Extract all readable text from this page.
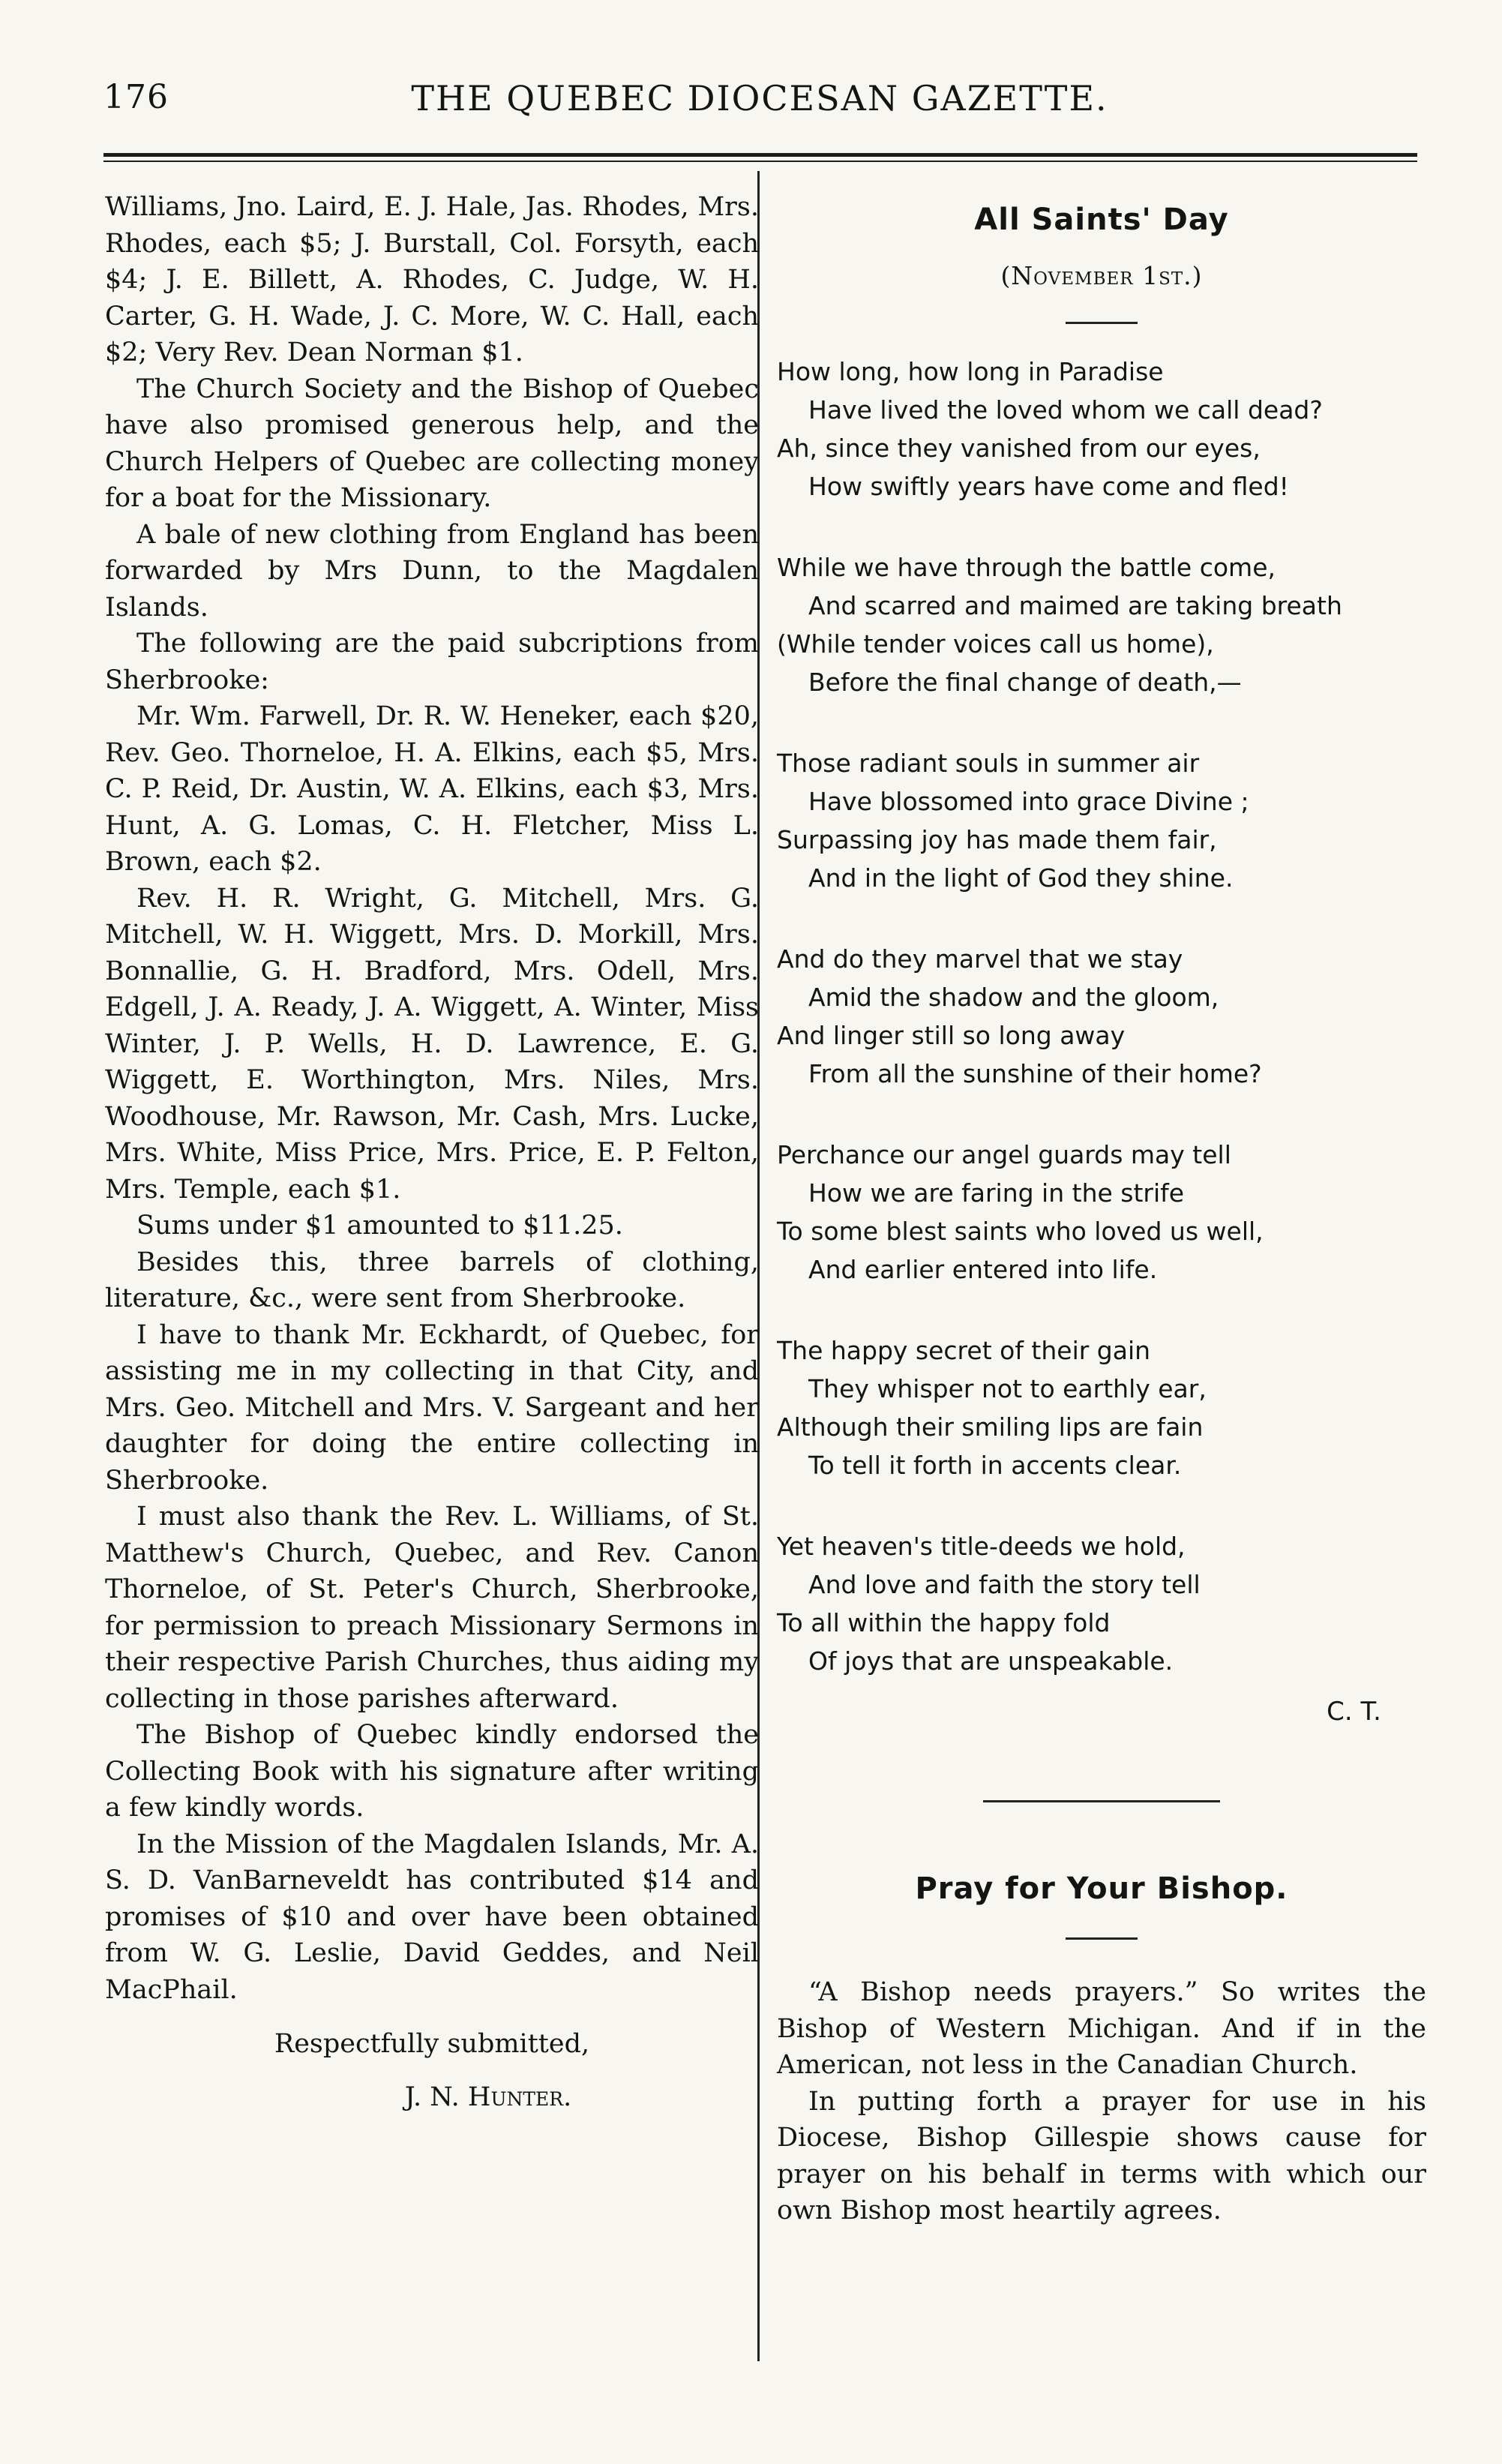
176	THE QUEBEC DIOCESAN GAZETTE.

Williams, Jno. Laird, E. J. Hale, Jas. Rhodes, Mrs. Rhodes, each $5; J. Burstall, Col. Forsyth, each $4; J. E. Billett, A. Rhodes, C. Judge, W. H. Carter, G. H. Wade, J. C. More, W. C. Hall, each $2; Very Rev. Dean Norman $1.

The Church Society and the Bishop of Quebec have also promised generous help, and the Church Helpers of Quebec are collecting money for a boat for the Missionary.

A bale of new clothing from England has been forwarded by Mrs Dunn, to the Magdalen Islands.

The following are the paid subcriptions from Sherbrooke:

Mr. Wm. Farwell, Dr. R. W. Heneker, each $20, Rev. Geo. Thorneloe, H. A. Elkins, each $5, Mrs. C. P. Reid, Dr. Austin, W. A. Elkins, each $3, Mrs. Hunt, A. G. Lomas, C. H. Fletcher, Miss L. Brown, each $2.

Rev. H. R. Wright, G. Mitchell, Mrs. G. Mitchell, W. H. Wiggett, Mrs. D. Morkill, Mrs. Bonnallie, G. H. Bradford, Mrs. Odell, Mrs. Edgell, J. A. Ready, J. A. Wiggett, A. Winter, Miss Winter, J. P. Wells, H. D. Lawrence, E. G. Wiggett, E. Worthington, Mrs. Niles, Mrs. Woodhouse, Mr. Rawson, Mr. Cash, Mrs. Lucke, Mrs. White, Miss Price, Mrs. Price, E. P. Felton, Mrs. Temple, each $1.

Sums under $1 amounted to $11.25.

Besides this, three barrels of clothing, literature, &c., were sent from Sherbrooke.

I have to thank Mr. Eckhardt, of Quebec, for assisting me in my collecting in that City, and Mrs. Geo. Mitchell and Mrs. V. Sargeant and her daughter for doing the entire collecting in Sherbrooke.

I must also thank the Rev. L. Williams, of St. Matthew's Church, Quebec, and Rev. Canon Thorneloe, of St. Peter's Church, Sherbrooke, for permission to preach Missionary Sermons in their respective Parish Churches, thus aiding my collecting in those parishes afterward.

The Bishop of Quebec kindly endorsed the Collecting Book with his signature after writing a few kindly words.

In the Mission of the Magdalen Islands, Mr. A. S. D. VanBarneveldt has contributed $14 and promises of $10 and over have been obtained from W. G. Leslie, David Geddes, and Neil MacPhail.

Respectfully submitted,

J. N. Hunter.

All Saints' Day
(November 1st.)
How long, how long in Paradise
Have lived the loved whom we call dead?
Ah, since they vanished from our eyes,
How swiftly years have come and fled!
While we have through the battle come,
And scarred and maimed are taking breath
(While tender voices call us home),
Before the final change of death,—
Those radiant souls in summer air
Have blossomed into grace Divine ;
Surpassing joy has made them fair,
And in the light of God they shine.
And do they marvel that we stay
Amid the shadow and the gloom,
And linger still so long away
From all the sunshine of their home?
Perchance our angel guards may tell
How we are faring in the strife
To some blest saints who loved us well,
And earlier entered into life.
The happy secret of their gain
They whisper not to earthly ear,
Although their smiling lips are fain
To tell it forth in accents clear.
Yet heaven's title-deeds we hold,
And love and faith the story tell
To all within the happy fold
Of joys that are unspeakable.
C. T.
Pray for Your Bishop.

“A Bishop needs prayers.” So writes the Bishop of Western Michigan. And if in the American, not less in the Canadian Church.

In putting forth a prayer for use in his Diocese, Bishop Gillespie shows cause for prayer on his behalf in terms with which our own Bishop most heartily agrees.
